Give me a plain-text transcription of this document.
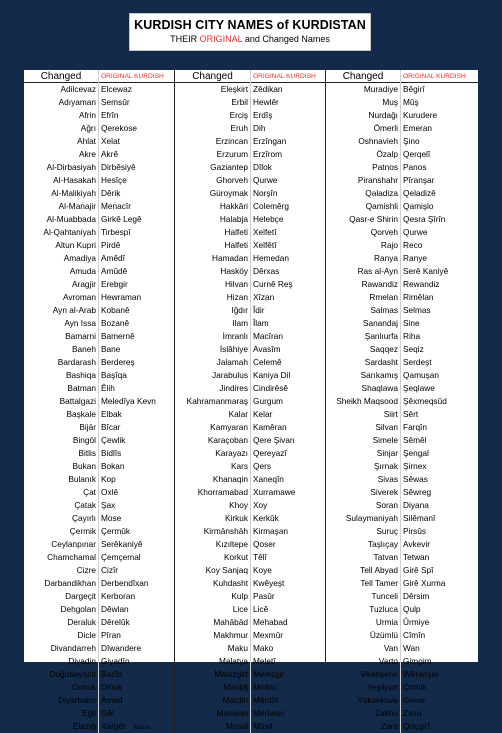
KURDISH CITY NAMES of KURDISTAN
THEIR ORIGINAL and Changed Names
Changed
Adilcevaz
Adıyaman
Afrin
Ağrı
Ahlat
Akre
Al-Dirbasiyah
Al-Hasakah
Al-Malikiyah
Al-Manajir
Al-Muabbada
Al-Qahtaniyah
Altun Kupri
Amadiya
Amuda
Aragjir
Avroman
Ayn al-Arab
Ayn Issa
Bamarni
Baneh
Bardarash
Bashiqa
Batman
Battalgazi
Başkale
Bijār
Bingöl
Bitlis
Bukan
Bulanık
Çat
Çatak
Çayırlı
Çermik
Ceylanpınar
Chamchamal
Cizre
Darbandikhan
Dargeçit
Dehgolan
Deraluk
Dicle
Divandarreh
Diyadin
Doğubayazıt
Dohuk
Diyarbakır
Eğil
Elazığ
ORIGINAL KURDISH
Elcewaz
Semsûr
Efrîn
Qerekose
Xelat
Akrê
Dirbêsiyê
Hesîçe
Dêrik
Menacîr
Girkê Legê
Tirbespî
Pirdê
Amêdî
Amûdê
Erebgir
Hewraman
Kobanê
Bozanê
Bamernê
Bane
Berdereş
Başîqa
Êlih
Meledîya Kevn
Elbak
Bîcar
Çewlik
Bidlîs
Bokan
Kop
Oxlê
Şax
Mose
Çermûk
Serêkaniyê
Çemçemal
Cizîr
Derbendîxan
Kerboran
Dêwlan
Dêrelûk
Pîran
Dîwandere
Giyadîn
Bazîd
Dihok
Amed
Gêl
Xarpêt Mazra
Changed
Eleşkirt
Erbil
Erciş
Eruh
Erzincan
Erzurum
Gaziantep
Ghorveh
Güroymak
Hakkâri
Halabja
Halfeti
Halfeti
Hamadan
Hasköy
Hilvan
Hizan
Iğdır
Ilam
İmranlı
İslâhiye
Jalamah
Jarabulus
Jindires
Kahramanmaraş
Kalar
Kamyaran
Karaçoban
Karayazı
Kars
Khanaqin
Khorramabad
Khoy
Kirkuk
Kirmānshāh
Kızıltepe
Korkut
Koy Sanjaq
Kuhdasht
Kulp
Lice
Mahābād
Makhmur
Maku
Malatya
Malazgirt
Manbij
Mardin
Mariwan
Mosul
ORIGINAL KURDISH
Zêdikan
Hewlêr
Erdîş
Dih
Erzîngan
Erzîrom
Dîlok
Qurwe
Norşîn
Colemêrg
Helebçe
Xelfetî
Xelfêtî
Hemedan
Dêrxas
Curnê Reş
Xîzan
Îdir
Îlam
Macîran
Avasîm
Celemê
Kaniya Dil
Cindirêsê
Gurgum
Kelar
Kamêran
Qere Şivan
Qereyazî
Qers
Xaneqîn
Xurramawe
Xoy
Kerkûk
Kirmaşan
Qoser
Têlî
Koye
Kwêyeşt
Pasûr
Licê
Mehabad
Mexmûr
Mako
Meletî
Melezgir
Minbic
Mêrdîn
Merîwan
Mûsil
Changed
Muradiye
Muş
Nurdağı
Ömerli
Oshnavieh
Özalp
Patnos
Piranshahr
Qaladiza
Qamishli
Qasr-e Shirin
Qorveh
Rajo
Ranya
Ras al-Ayn
Rawandiz
Rmelan
Salmas
Sanandaj
Şanlıurfa
Saqqez
Sardasht
Sarıkamış
Shaqlawa
Sheikh Maqsood
Siirt
Silvan
Simele
Sinjar
Şırnak
Sivas
Siverek
Soran
Sulaymaniyah
Suruç
Taşlıçay
Tatvan
Tell Abyad
Tell Tamer
Tunceli
Tuzluca
Urmia
Üzümlü
Van
Varto
Viranşehir
Yeşilyurt
Yüksekova
Zakho
Zara
ORIGINAL KURDISH
Bêgirî
Mûş
Kurudere
Emeran
Şino
Qerqelî
Panos
Pîranşar
Qeladizê
Qamişlo
Qesra Şîrîn
Qurwe
Reco
Ranye
Serê Kaniyê
Rewandiz
Rimêlan
Selmas
Sine
Riha
Seqiz
Serdeşt
Qamuşan
Şeqlawe
Şêxmeqsûd
Sêrt
Farqîn
Sêmêl
Şengal
Şirnex
Sêwas
Sêwreg
Diyana
Silêmanî
Pirsûs
Avkevir
Tetwan
Girê Spî
Girê Xurma
Dêrsim
Qulp
Ûrmiye
Cîmîn
Wan
Gimgim
Wêranşar
Çirmik
Gever
Zaxo
Qoçgirî
